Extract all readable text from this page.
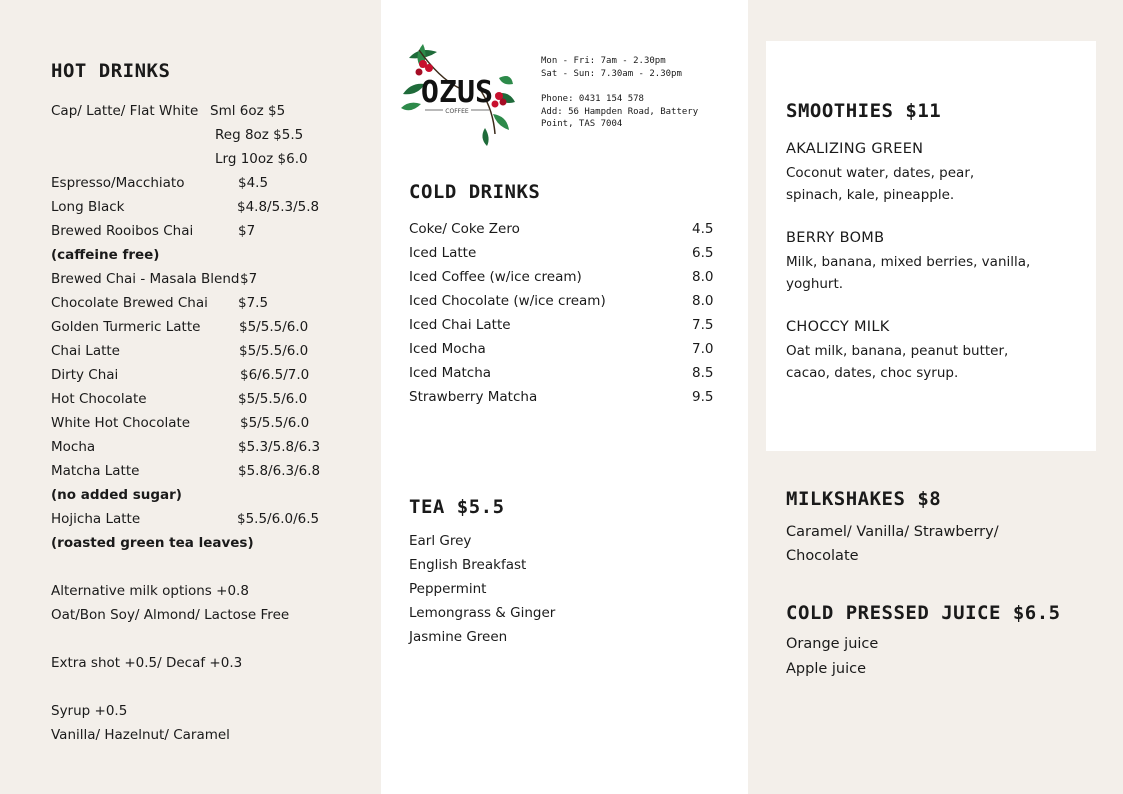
HOT DRINKS
Cap/ Latte/ Flat White Sml 6oz $5
Reg 8oz $5.5
Lrg 10oz $6.0
Espresso/Macchiato	$4.5
Long Black	$4.8/5.3/5.8
Brewed Rooibos Chai	$7
(caffeine free)
Brewed Chai - Masala Blend $7
Chocolate Brewed Chai $7.5
Golden Turmeric Latte	$5/5.5/6.0
Chai Latte	$5/5.5/6.0
Dirty Chai	$6/6.5/7.0
Hot Chocolate	$5/5.5/6.0
White Hot Chocolate	$5/5.5/6.0
Mocha	$5.3/5.8/6.3
Matcha Latte	$5.8/6.3/6.8
(no added sugar)
Hojicha Latte	$5.5/6.0/6.5
(roasted green tea leaves)
Alternative milk options +0.8
Oat/Bon Soy/ Almond/ Lactose Free
Extra shot +0.5/ Decaf +0.3
Syrup +0.5
Vanilla/ Hazelnut/ Caramel
OZUS
COFFEE
Mon - Fri: 7am - 2.30pm
Sat - Sun: 7.30am - 2.30pm
Phone: 0431 154 578
Add: 56 Hampden Road, Battery
Point, TAS 7004
COLD DRINKS
Coke/ Coke Zero	4.5
Iced Latte	6.5
Iced Coffee (w/ice cream)	8.0
Iced Chocolate (w/ice cream)	8.0
Iced Chai Latte	7.5
Iced Mocha	7.0
Iced Matcha	8.5
Strawberry Matcha	9.5
TEA $5.5
Earl Grey
English Breakfast
Peppermint
Lemongrass & Ginger
Jasmine Green
SMOOTHIES $11
AKALIZING GREEN
Coconut water, dates, pear,
spinach, kale, pineapple.
BERRY BOMB
Milk, banana, mixed berries, vanilla,
yoghurt.
CHOCCY MILK
Oat milk, banana, peanut butter,
cacao, dates, choc syrup.
MILKSHAKES $8
Caramel/ Vanilla/ Strawberry/
Chocolate
COLD PRESSED JUICE $6.5
Orange juice
Apple juice
